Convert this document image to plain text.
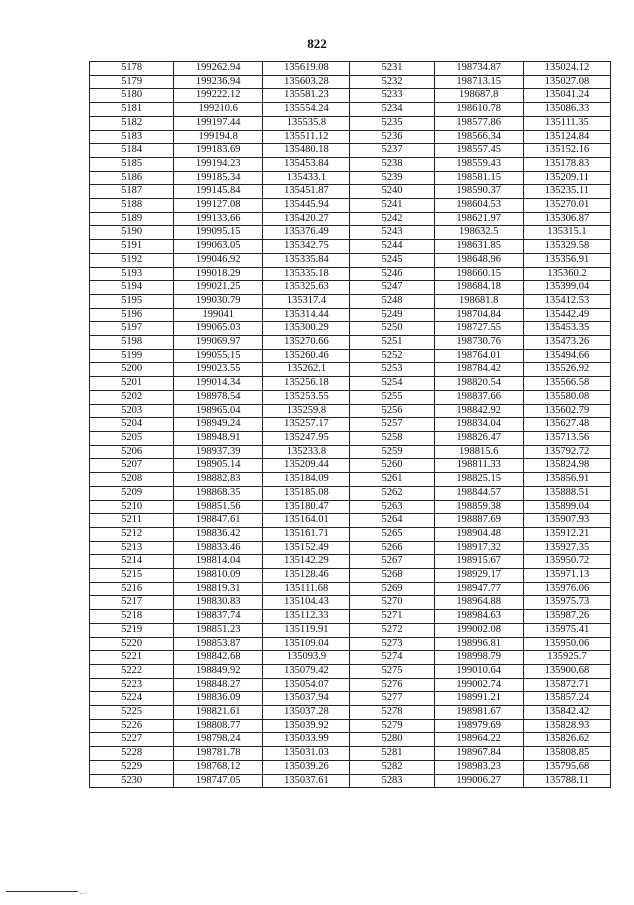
822
5178	199262.94	135619.08	5231	198734.87	135024.12
5179	199236.94	135603.28	5232	198713.15	135027.08
5180	199222.12	135581.23	5233	198687.8	135041.24
5181	199210.6	135554.24	5234	198610.78	135086.33
5182	199197.44	135535.8	5235	198577.86	135111.35
5183	199194.8	135511.12	5236	198566.34	135124.84
5184	199183.69	135480.18	5237	198557.45	135152.16
5185	199194.23	135453.84	5238	198559.43	135178.83
5186	199185.34	135433.1	5239	198581.15	135209.11
5187	199145.84	135451.87	5240	198590.37	135235.11
5188	199127.08	135445.94	5241	198604.53	135270.01
5189	199133.66	135420.27	5242	198621.97	135306.87
5190	199095.15	135376.49	5243	198632.5	135315.1
5191	199063.05	135342.75	5244	198631.85	135329.58
5192	199046.92	135335.84	5245	198648.96	135356.91
5193	199018.29	135335.18	5246	198660.15	135360.2
5194	199021.25	135325.63	5247	198684.18	135399.04
5195	199030.79	135317.4	5248	198681.8	135412.53
5196	199041	135314.44	5249	198704.84	135442.49
5197	199065.03	135300.29	5250	198727.55	135453.35
5198	199069.97	135270.66	5251	198730.76	135473.26
5199	199055.15	135260.46	5252	198764.01	135494.66
5200	199023.55	135262.1	5253	198784.42	135526.92
5201	199014.34	135256.18	5254	198820.54	135566.58
5202	198978.54	135253.55	5255	198837.66	135580.08
5203	198965.04	135259.8	5256	198842.92	135602.79
5204	198949.24	135257.17	5257	198834.04	135627.48
5205	198948.91	135247.95	5258	198826.47	135713.56
5206	198937.39	135233.8	5259	198815.6	135792.72
5207	198905.14	135209.44	5260	198811.33	135824.98
5208	198882.83	135184.09	5261	198825.15	135856.91
5209	198868.35	135185.08	5262	198844.57	135888.51
5210	198851.56	135180.47	5263	198859.38	135899.04
5211	198847.61	135164.01	5264	198887.69	135907.93
5212	198836.42	135161.71	5265	198904.48	135912.21
5213	198833.46	135152.49	5266	198917.32	135927.35
5214	198814.04	135142.29	5267	198915.67	135950.72
5215	198810.09	135128.46	5268	198929.17	135971.13
5216	198819.31	135111.68	5269	198947.77	135976.06
5217	198830.83	135104.43	5270	198964.88	135975.73
5218	198837.74	135112.33	5271	198984.63	135987.26
5219	198851.23	135119.91	5272	199002.08	135975.41
5220	198853.87	135109.04	5273	198996.81	135950.06
5221	198842.68	135093.9	5274	198998.79	135925.7
5222	198849.92	135079.42	5275	199010.64	135900.68
5223	198848.27	135054.07	5276	199002.74	135872.71
5224	198836.09	135037.94	5277	198991.21	135857.24
5225	198821.61	135037.28	5278	198981.67	135842.42
5226	198808.77	135039.92	5279	198979.69	135828.93
5227	198798.24	135033.99	5280	198964.22	135826.62
5228	198781.78	135031.03	5281	198967.84	135808.85
5229	198768.12	135039.26	5282	198983.23	135795.68
5230	198747.05	135037.61	5283	199006.27	135788.11
. .
